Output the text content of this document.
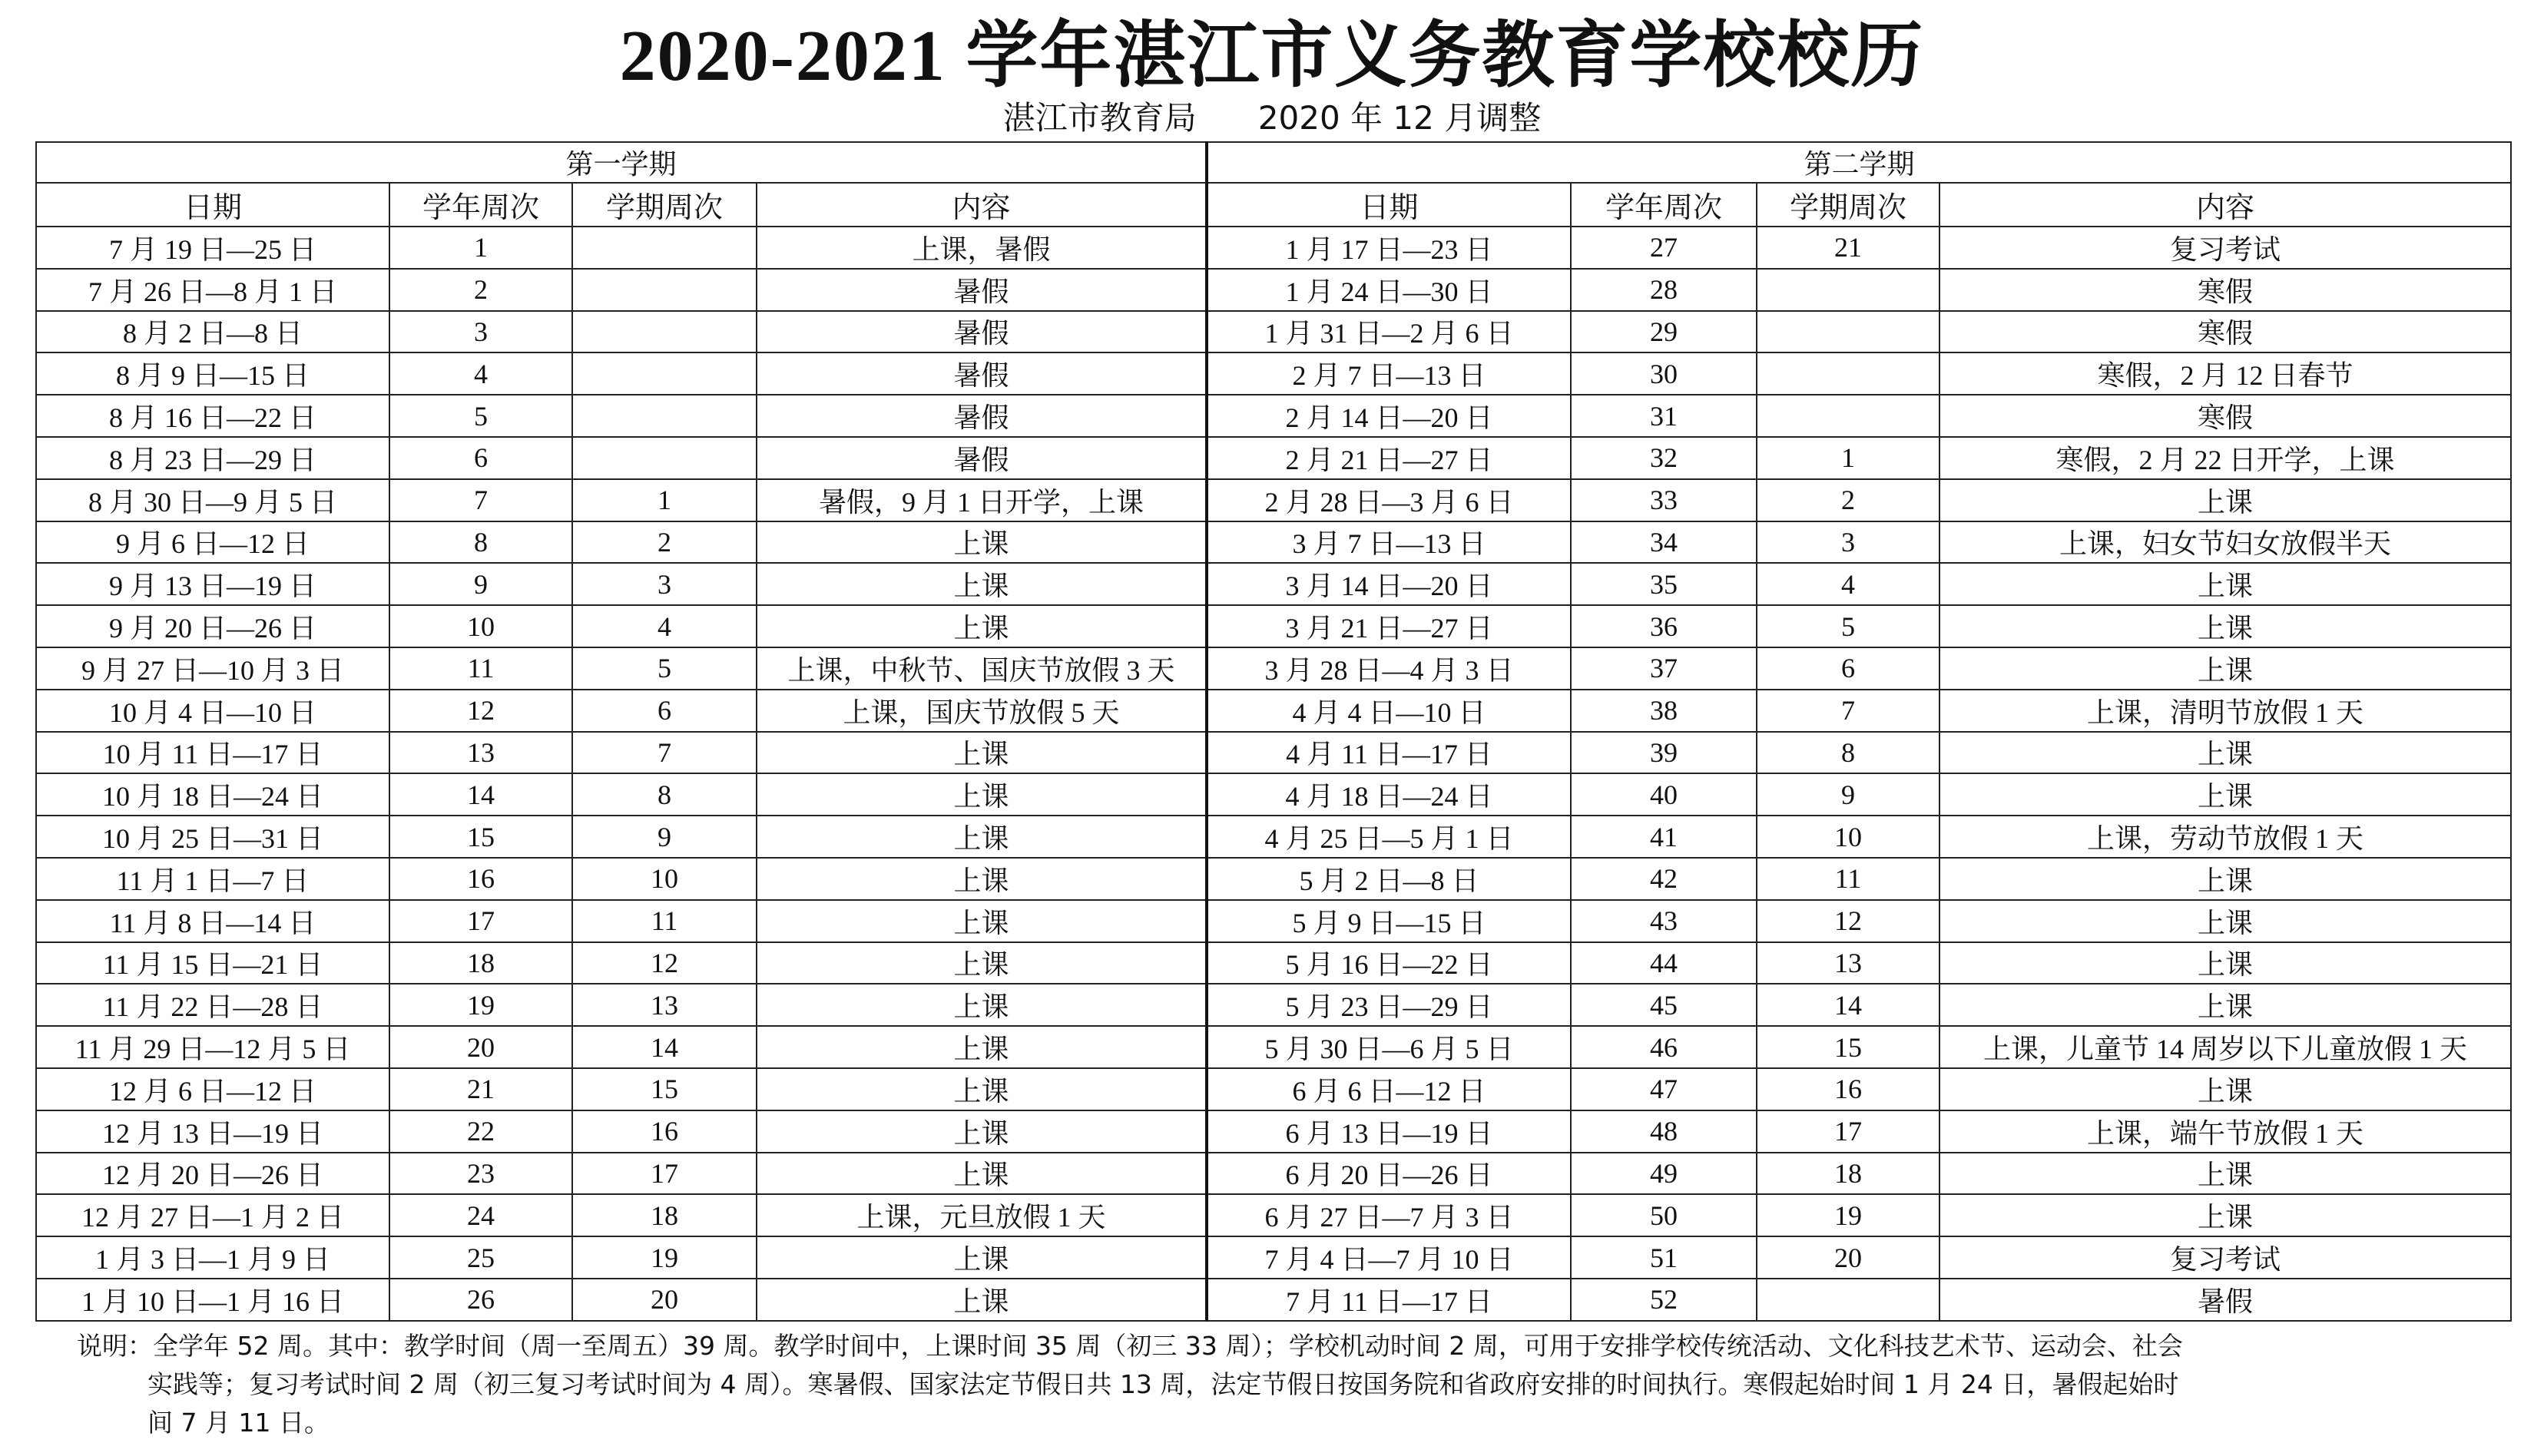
2020-2021 学年湛江市义务教育学校校历
湛江市教育局 2020 年 12 月调整
第一学期				第二学期			
日期	学年周次	学期周次	内容	日期	学年周次	学期周次	内容
7 月 19 日—25 日	1		上课，暑假	1 月 17 日—23 日	27	21	复习考试
7 月 26 日—8 月 1 日	2		暑假	1 月 24 日—30 日	28		寒假
8 月 2 日—8 日	3		暑假	1 月 31 日—2 月 6 日	29		寒假
8 月 9 日—15 日	4		暑假	2 月 7 日—13 日	30		寒假，2 月 12 日春节
8 月 16 日—22 日	5		暑假	2 月 14 日—20 日	31		寒假
8 月 23 日—29 日	6		暑假	2 月 21 日—27 日	32	1	寒假，2 月 22 日开学，上课
8 月 30 日—9 月 5 日	7	1	暑假，9 月 1 日开学，上课	2 月 28 日—3 月 6 日	33	2	上课
9 月 6 日—12 日	8	2	上课	3 月 7 日—13 日	34	3	上课，妇女节妇女放假半天
9 月 13 日—19 日	9	3	上课	3 月 14 日—20 日	35	4	上课
9 月 20 日—26 日	10	4	上课	3 月 21 日—27 日	36	5	上课
9 月 27 日—10 月 3 日	11	5	上课，中秋节、国庆节放假 3 天	3 月 28 日—4 月 3 日	37	6	上课
10 月 4 日—10 日	12	6	上课，国庆节放假 5 天	4 月 4 日—10 日	38	7	上课，清明节放假 1 天
10 月 11 日—17 日	13	7	上课	4 月 11 日—17 日	39	8	上课
10 月 18 日—24 日	14	8	上课	4 月 18 日—24 日	40	9	上课
10 月 25 日—31 日	15	9	上课	4 月 25 日—5 月 1 日	41	10	上课，劳动节放假 1 天
11 月 1 日—7 日	16	10	上课	5 月 2 日—8 日	42	11	上课
11 月 8 日—14 日	17	11	上课	5 月 9 日—15 日	43	12	上课
11 月 15 日—21 日	18	12	上课	5 月 16 日—22 日	44	13	上课
11 月 22 日—28 日	19	13	上课	5 月 23 日—29 日	45	14	上课
11 月 29 日—12 月 5 日	20	14	上课	5 月 30 日—6 月 5 日	46	15	上课，儿童节 14 周岁以下儿童放假 1 天
12 月 6 日—12 日	21	15	上课	6 月 6 日—12 日	47	16	上课
12 月 13 日—19 日	22	16	上课	6 月 13 日—19 日	48	17	上课，端午节放假 1 天
12 月 20 日—26 日	23	17	上课	6 月 20 日—26 日	49	18	上课
12 月 27 日—1 月 2 日	24	18	上课，元旦放假 1 天	6 月 27 日—7 月 3 日	50	19	上课
1 月 3 日—1 月 9 日	25	19	上课	7 月 4 日—7 月 10 日	51	20	复习考试
1 月 10 日—1 月 16 日	26	20	上课	7 月 11 日—17 日	52		暑假

说明：全学年 52 周。其中：教学时间（周一至周五）39 周。教学时间中，上课时间 35 周（初三 33 周）；学校机动时间 2 周，可用于安排学校传统活动、文化科技艺术节、运动会、社会

实践等；复习考试时间 2 周（初三复习考试时间为 4 周）。寒暑假、国家法定节假日共 13 周，法定节假日按国务院和省政府安排的时间执行。寒假起始时间 1 月 24 日，暑假起始时

间 7 月 11 日。
